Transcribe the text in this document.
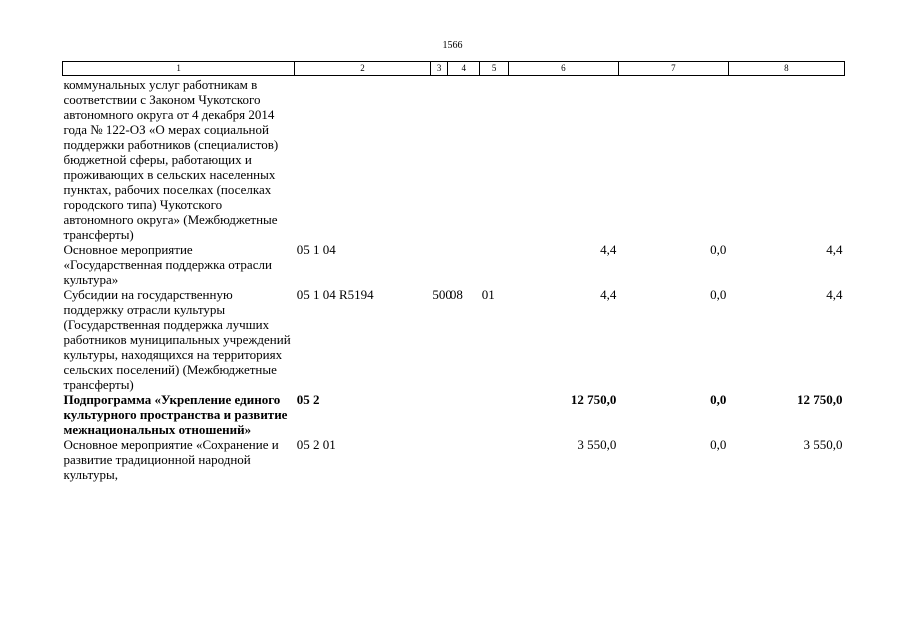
1566
1	2	3	4	5	6	7	8
коммунальных услуг работникам в соответствии с Законом Чукотского автономного округа от 4 декабря 2014 года № 122-ОЗ «О мерах социальной поддержки работников (специалистов) бюджетной сферы, работающих и проживающих в сельских населенных пунктах, рабочих поселках (поселках городского типа) Чукотского автономного округа» (Межбюджетные трансферты)							
Основное мероприятие «Государственная поддержка отрасли культура»	05 1 04				4,4	0,0	4,4
Субсидии на государственную поддержку отрасли культуры (Государственная поддержка лучших работников муниципальных учреждений культуры, находящихся на территориях сельских поселений) (Межбюджетные трансферты)	05 1 04 R5194	500	08	01	4,4	0,0	4,4
Подпрограмма «Укрепление единого культурного пространства и развитие межнациональных отношений»	05 2				12 750,0	0,0	12 750,0
Основное мероприятие «Сохранение и развитие традиционной народной культуры,	05 2 01				3 550,0	0,0	3 550,0
